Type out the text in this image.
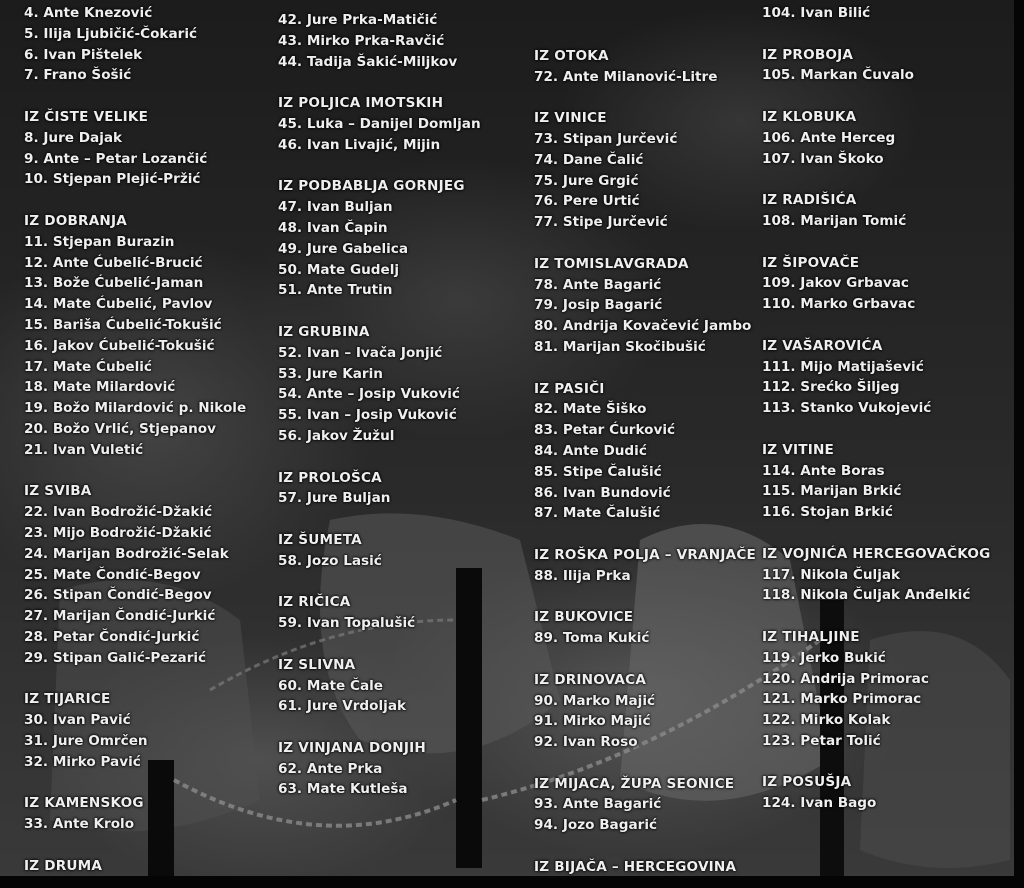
4. Ante Knezović
5. Ilija Ljubičić-Čokarić
6. Ivan Pištelek
7. Frano Šošić
IZ ČISTE VELIKE
8. Jure Dajak
9. Ante – Petar Lozančić
10. Stjepan Plejić-Pržić
IZ DOBRANJA
11. Stjepan Burazin
12. Ante Ćubelić-Brucić
13. Bože Ćubelić-Jaman
14. Mate Ćubelić, Pavlov
15. Bariša Ćubelić-Tokušić
16. Jakov Ćubelić-Tokušić
17. Mate Ćubelić
18. Mate Milardović
19. Božo Milardović p. Nikole
20. Božo Vrlić, Stjepanov
21. Ivan Vuletić
IZ SVIBA
22. Ivan Bodrožić-Džakić
23. Mijo Bodrožić-Džakić
24. Marijan Bodrožić-Selak
25. Mate Čondić-Begov
26. Stipan Čondić-Begov
27. Marijan Čondić-Jurkić
28. Petar Čondić-Jurkić
29. Stipan Galić-Pezarić
IZ TIJARICE
30. Ivan Pavić
31. Jure Omrčen
32. Mirko Pavić
IZ KAMENSKOG
33. Ante Krolo
IZ DRUMA
42. Jure Prka-Matičić
43. Mirko Prka-Ravčić
44. Tadija Šakić-Miljkov
IZ POLJICA IMOTSKIH
45. Luka – Danijel Domljan
46. Ivan Livajić, Mijin
IZ PODBABLJA GORNJEG
47. Ivan Buljan
48. Ivan Čapin
49. Jure Gabelica
50. Mate Gudelj
51. Ante Trutin
IZ GRUBINA
52. Ivan – Ivača Jonjić
53. Jure Karin
54. Ante – Josip Vuković
55. Ivan – Josip Vuković
56. Jakov Žužul
IZ PROLOŠCA
57. Jure Buljan
IZ ŠUMETA
58. Jozo Lasić
IZ RIČICA
59. Ivan Topalušić
IZ SLIVNA
60. Mate Čale
61. Jure Vrdoljak
IZ VINJANA DONJIH
62. Ante Prka
63. Mate Kutleša
IZ OTOKA
72. Ante Milanović-Litre
IZ VINICE
73. Stipan Jurčević
74. Dane Čalić
75. Jure Grgić
76. Pere Urtić
77. Stipe Jurčević
IZ TOMISLAVGRADA
78. Ante Bagarić
79. Josip Bagarić
80. Andrija Kovačević Jambo
81. Marijan Skočibušić
IZ PASIČI
82. Mate Šiško
83. Petar Ćurković
84. Ante Dudić
85. Stipe Čalušić
86. Ivan Bundović
87. Mate Čalušić
IZ ROŠKA POLJA – VRANJAČE
88. Ilija Prka
IZ BUKOVICE
89. Toma Kukić
IZ DRINOVACA
90. Marko Majić
91. Mirko Majić
92. Ivan Roso
IZ MIJACA, ŽUPA SEONICE
93. Ante Bagarić
94. Jozo Bagarić
IZ BIJAČA – HERCEGOVINA
104. Ivan Bilić
IZ PROBOJA
105. Markan Čuvalo
IZ KLOBUKA
106. Ante Herceg
107. Ivan Škoko
IZ RADIŠIĆA
108. Marijan Tomić
IZ ŠIPOVAČE
109. Jakov Grbavac
110. Marko Grbavac
IZ VAŠAROVIĆA
111. Mijo Matijašević
112. Srećko Šiljeg
113. Stanko Vukojević
IZ VITINE
114. Ante Boras
115. Marijan Brkić
116. Stojan Brkić
IZ VOJNIĆA HERCEGOVAČKOG
117. Nikola Čuljak
118. Nikola Čuljak Anđelkić
IZ TIHALJINE
119. Jerko Bukić
120. Andrija Primorac
121. Marko Primorac
122. Mirko Kolak
123. Petar Tolić
IZ POSUŠJA
124. Ivan Bago
